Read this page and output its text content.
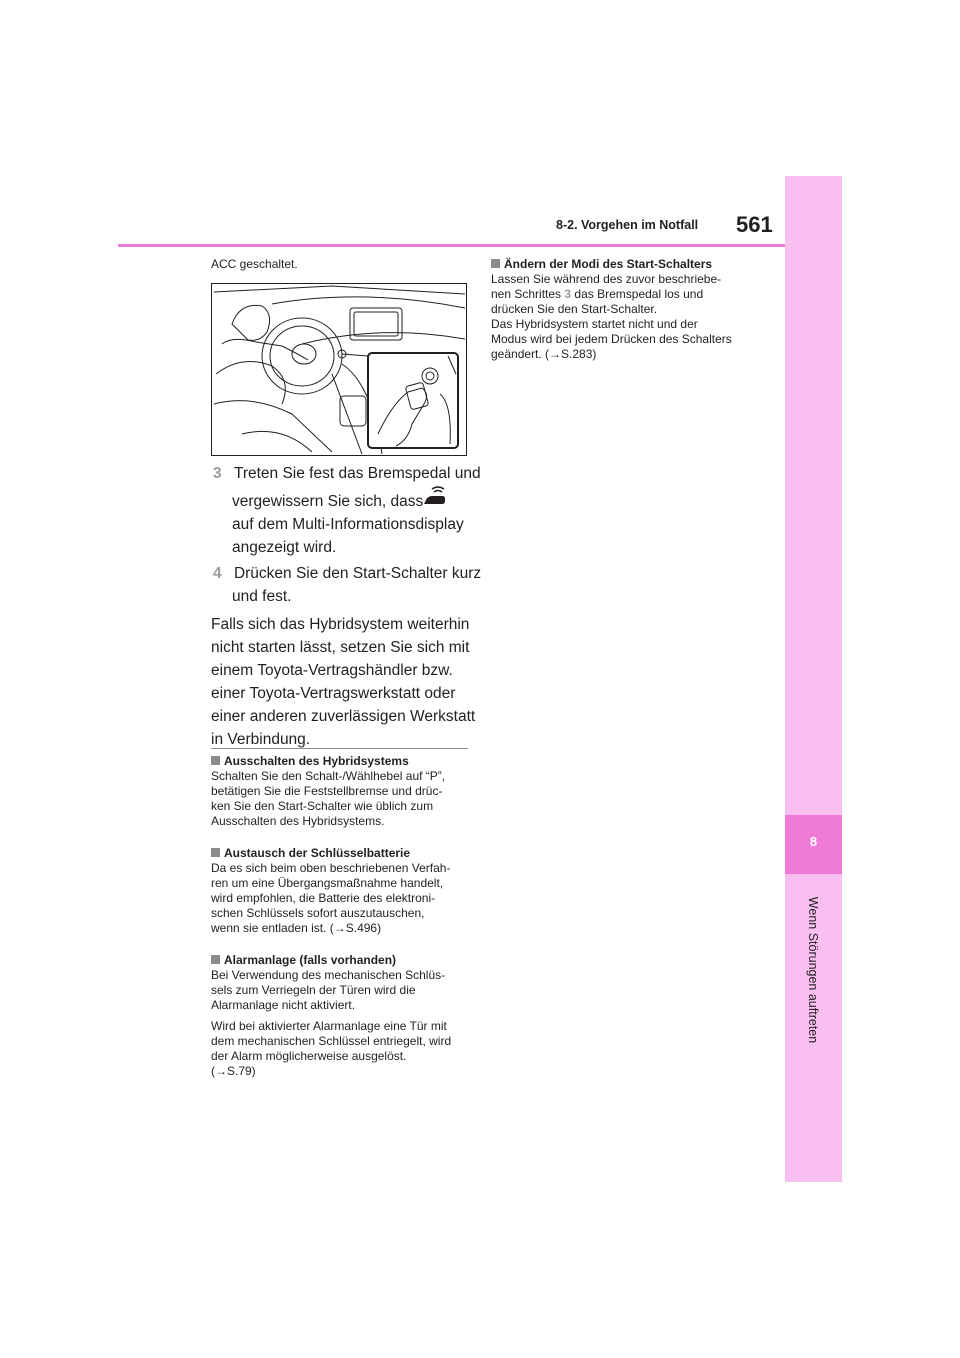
8
Wenn Störungen auftreten
8-2. Vorgehen im Notfall 561
ACC geschaltet.
3 Treten Sie fest das Bremspedal und
vergewissern Sie sich, dass
auf dem Multi-Informationsdisplay
angezeigt wird.
4 Drücken Sie den Start-Schalter kurz
und fest.
Falls sich das Hybridsystem weiterhin
nicht starten lässt, setzen Sie sich mit
einem Toyota-Vertragshändler bzw.
einer Toyota-Vertragswerkstatt oder
einer anderen zuverlässigen Werkstatt
in Verbindung.
Ausschalten des Hybridsystems
Schalten Sie den Schalt-/Wählhebel auf “P”,
betätigen Sie die Feststellbremse und drüc-
ken Sie den Start-Schalter wie üblich zum
Ausschalten des Hybridsystems.
Austausch der Schlüsselbatterie
Da es sich beim oben beschriebenen Verfah-
ren um eine Übergangsmaßnahme handelt,
wird empfohlen, die Batterie des elektroni-
schen Schlüssels sofort auszutauschen,
wenn sie entladen ist. (→S.496)
Alarmanlage (falls vorhanden)
Bei Verwendung des mechanischen Schlüs-
sels zum Verriegeln der Türen wird die
Alarmanlage nicht aktiviert.
Wird bei aktivierter Alarmanlage eine Tür mit
dem mechanischen Schlüssel entriegelt, wird
der Alarm möglicherweise ausgelöst.
(→S.79)
Ändern der Modi des Start-Schalters
Lassen Sie während des zuvor beschriebe-
nen Schrittes 3 das Bremspedal los und
drücken Sie den Start-Schalter.
Das Hybridsystem startet nicht und der
Modus wird bei jedem Drücken des Schalters
geändert. (→S.283)
